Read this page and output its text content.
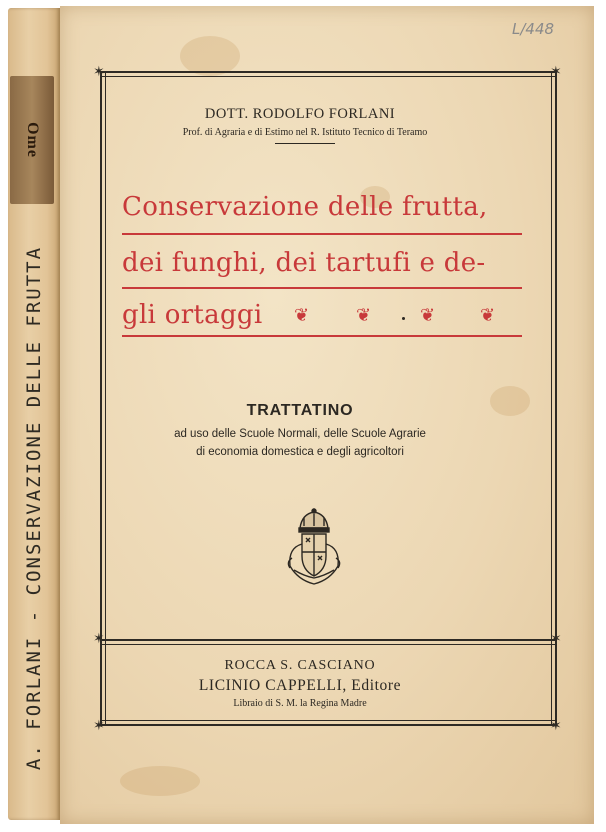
Ome
A. FORLANI - CONSERVAZIONE DELLE FRUTTA
✶	✶
✶	✶
✶	✶
DOTT. RODOLFO FORLANI
Prof. di Agraria e di Estimo nel R. Istituto Tecnico di Teramo
Conservazione delle frutta,
dei funghi, dei tartufi e de-
gli ortaggi ❦	❦	❦ ❦
TRATTATINO
ad uso delle Scuole Normali, delle Scuole Agrarie
di economia domestica e degli agricoltori
ROCCA S. CASCIANO
LICINIO CAPPELLI, Editore
Libraio di S. M. la Regina Madre
L/448
